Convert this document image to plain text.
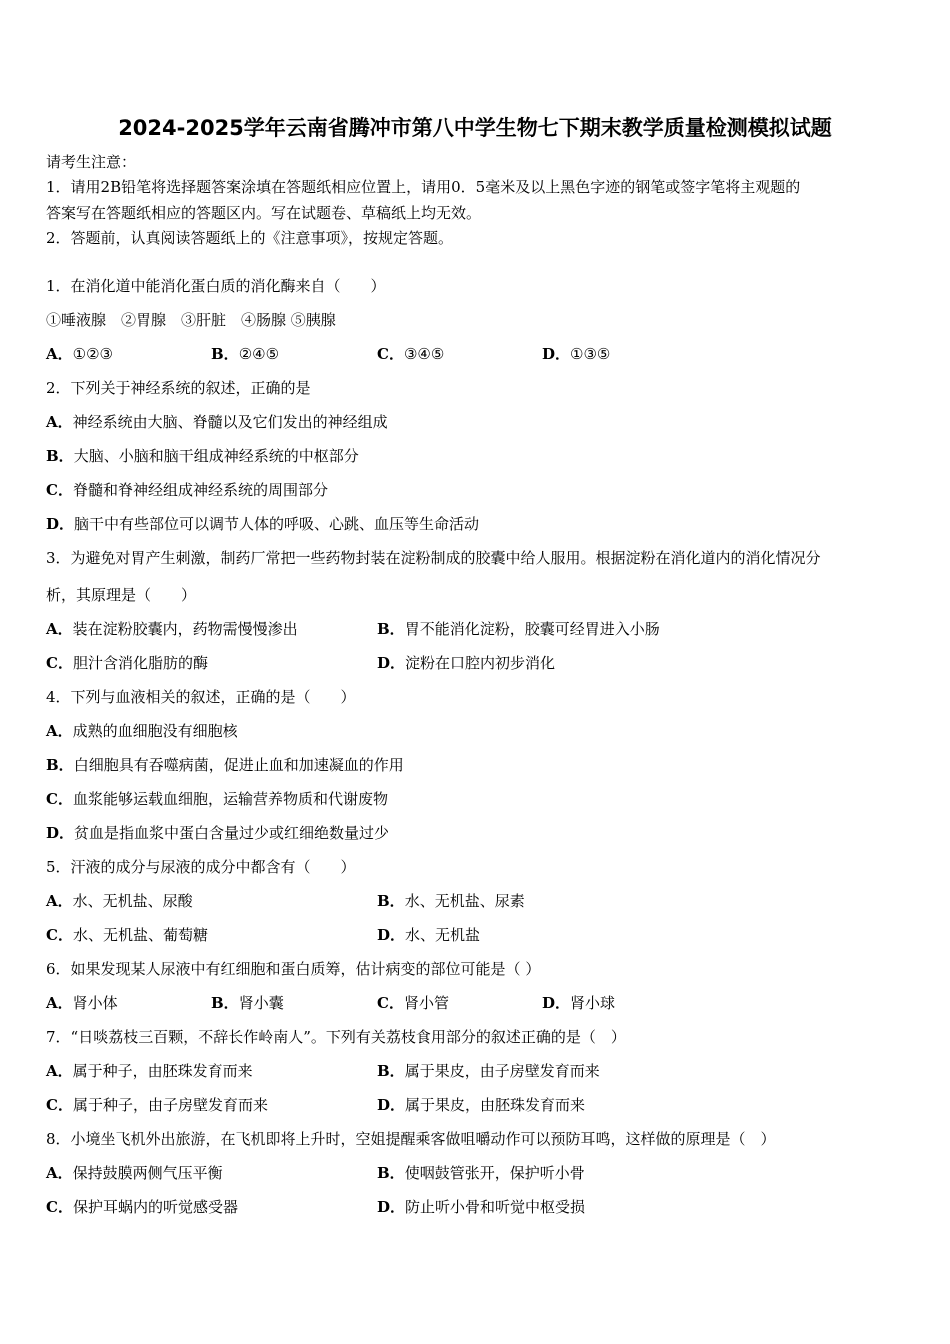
2024-2025学年云南省腾冲市第八中学生物七下期末教学质量检测模拟试题
请考生注意：
1．请用2B铅笔将选择题答案涂填在答题纸相应位置上，请用0．5毫米及以上黑色字迹的钢笔或签字笔将主观题的
答案写在答题纸相应的答题区内。写在试题卷、草稿纸上均无效。
2．答题前，认真阅读答题纸上的《注意事项》，按规定答题。
1．在消化道中能消化蛋白质的消化酶来自（　　）
①唾液腺　②胃腺　③肝脏　④肠腺 ⑤胰腺
A．①②③	B．②④⑤	C．③④⑤	D．①③⑤
2．下列关于神经系统的叙述，正确的是
A．神经系统由大脑、脊髓以及它们发出的神经组成
B．大脑、小脑和脑干组成神经系统的中枢部分
C．脊髓和脊神经组成神经系统的周围部分
D．脑干中有些部位可以调节人体的呼吸、心跳、血压等生命活动
3．为避免对胃产生刺激，制药厂常把一些药物封装在淀粉制成的胶囊中给人服用。根据淀粉在消化道内的消化情况分
析，其原理是（　　）
A．装在淀粉胶囊内，药物需慢慢渗出	B．胃不能消化淀粉，胶囊可经胃进入小肠
C．胆汁含消化脂肪的酶	D．淀粉在口腔内初步消化
4．下列与血液相关的叙述，正确的是（　　）
A．成熟的血细胞没有细胞核
B．白细胞具有吞噬病菌，促进止血和加速凝血的作用
C．血浆能够运载血细胞，运输营养物质和代谢废物
D．贫血是指血浆中蛋白含量过少或红细绝数量过少
5．汗液的成分与尿液的成分中都含有（　　）
A．水、无机盐、尿酸	B．水、无机盐、尿素
C．水、无机盐、葡萄糖	D．水、无机盐
6．如果发现某人尿液中有红细胞和蛋白质筹，估计病变的部位可能是（ ）
A．肾小体	B．肾小囊	C．肾小管	D．肾小球
7．“日啖荔枝三百颗，不辞长作岭南人”。下列有关荔枝食用部分的叙述正确的是（　）
A．属于种子，由胚珠发育而来	B．属于果皮，由子房壁发育而来
C．属于种子，由子房壁发育而来	D．属于果皮，由胚珠发育而来
8．小境坐飞机外出旅游，在飞机即将上升时，空姐提醒乘客做咀嚼动作可以预防耳鸣，这样做的原理是（　）
A．保持鼓膜两侧气压平衡	B．使咽鼓管张开，保护听小骨
C．保护耳蜗内的听觉感受器	D．防止听小骨和听觉中枢受损
